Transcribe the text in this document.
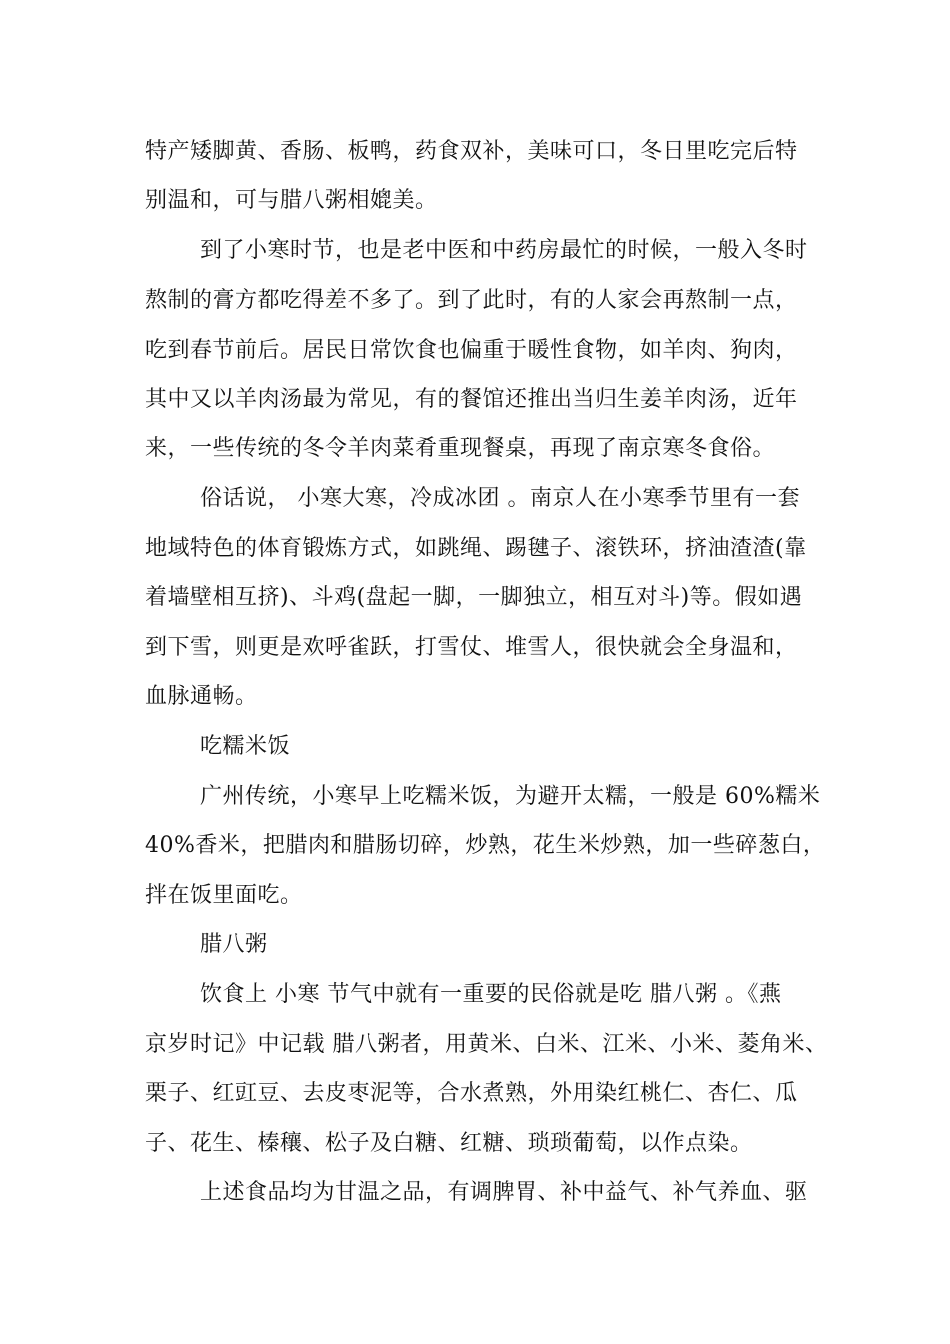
特产矮脚黄、香肠、板鸭，药食双补，美味可口，冬日里吃完后特
别温和，可与腊八粥相媲美。
到了小寒时节，也是老中医和中药房最忙的时候，一般入冬时
熬制的膏方都吃得差不多了。到了此时，有的人家会再熬制一点，
吃到春节前后。居民日常饮食也偏重于暖性食物，如羊肉、狗肉，
其中又以羊肉汤最为常见，有的餐馆还推出当归生姜羊肉汤，近年
来，一些传统的冬令羊肉菜肴重现餐桌，再现了南京寒冬食俗。
俗话说， 小寒大寒，冷成冰团 。南京人在小寒季节里有一套
地域特色的体育锻炼方式，如跳绳、踢毽子、滚铁环，挤油渣渣(靠
着墙壁相互挤)、斗鸡(盘起一脚，一脚独立，相互对斗)等。假如遇
到下雪，则更是欢呼雀跃，打雪仗、堆雪人，很快就会全身温和，
血脉通畅。
吃糯米饭
广州传统，小寒早上吃糯米饭，为避开太糯，一般是 60%糯米
40%香米，把腊肉和腊肠切碎，炒熟，花生米炒熟，加一些碎葱白，
拌在饭里面吃。
腊八粥
饮食上 小寒 节气中就有一重要的民俗就是吃 腊八粥 。《燕
京岁时记》中记载 腊八粥者，用黄米、白米、江米、小米、菱角米、
栗子、红豇豆、去皮枣泥等，合水煮熟，外用染红桃仁、杏仁、瓜
子、花生、榛穰、松子及白糖、红糖、琐琐葡萄，以作点染。
上述食品均为甘温之品，有调脾胃、补中益气、补气养血、驱
